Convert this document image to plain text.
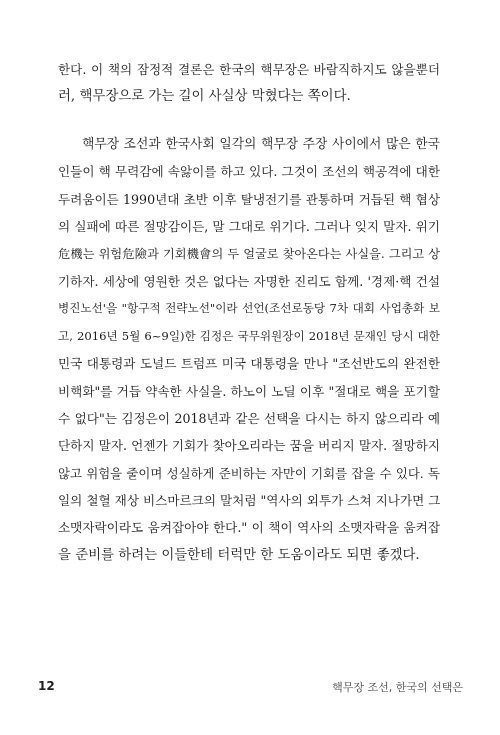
한다. 이 책의 잠정적 결론은 한국의 핵무장은 바람직하지도 않을뿐더
러, 핵무장으로 가는 길이 사실상 막혔다는 쪽이다.
핵무장 조선과 한국사회 일각의 핵무장 주장 사이에서 많은 한국
인들이 핵 무력감에 속앓이를 하고 있다. 그것이 조선의 핵공격에 대한
두려움이든 1990년대 초반 이후 탈냉전기를 관통하며 거듭된 핵 협상
의 실패에 따른 절망감이든, 말 그대로 위기다. 그러나 잊지 말자. 위기
危機는 위험危險과 기회機會의 두 얼굴로 찾아온다는 사실을. 그리고 상
기하자. 세상에 영원한 것은 없다는 자명한 진리도 함께. '경제·핵 건설
병진노선'을 "항구적 전략노선"이라 선언(조선로동당 7차 대회 사업총화 보
고, 2016년 5월 6~9일)한 김정은 국무위원장이 2018년 문재인 당시 대한
민국 대통령과 도널드 트럼프 미국 대통령을 만나 "조선반도의 완전한
비핵화"를 거듭 약속한 사실을. 하노이 노딜 이후 "절대로 핵을 포기할
수 없다"는 김정은이 2018년과 같은 선택을 다시는 하지 않으리라 예
단하지 말자. 언젠가 기회가 찾아오리라는 꿈을 버리지 말자. 절망하지
않고 위험을 줄이며 성실하게 준비하는 자만이 기회를 잡을 수 있다. 독
일의 철혈 재상 비스마르크의 말처럼 "역사의 외투가 스쳐 지나가면 그
소맷자락이라도 움켜잡아야 한다." 이 책이 역사의 소맷자락을 움켜잡
을 준비를 하려는 이들한테 터럭만 한 도움이라도 되면 좋겠다.
12	핵무장 조선, 한국의 선택은
